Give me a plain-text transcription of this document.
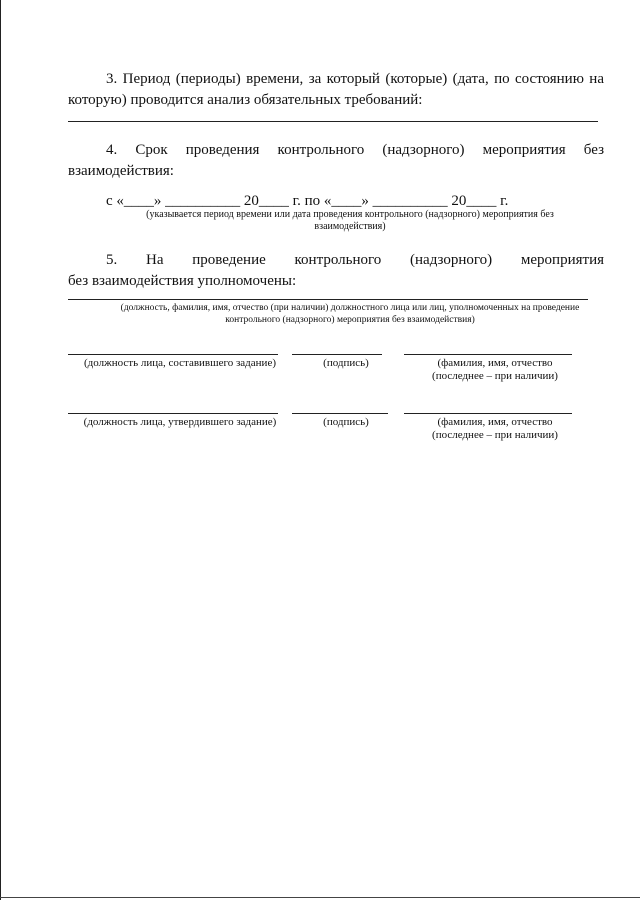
3. Период (периоды) времени, за который (которые) (дата, по состоянию на

которую) проводится анализ обязательных требований:

4. Срок проведения контрольного (надзорного) мероприятия без

взаимодействия:

с «____» __________ 20____ г. по «____» __________ 20____ г.

(указывается период времени или дата проведения контрольного (надзорного) мероприятия без

взаимодействия)

5. На проведение контрольного (надзорного) мероприятия

без взаимодействия уполномочены:

(должность, фамилия, имя, отчество (при наличии) должностного лица или лиц, уполномоченных на проведение

контрольного (надзорного) мероприятия без взаимодействия)

(должность лица, составившего задание)	(подпись)	(фамилия, имя, отчество

(последнее – при наличии)

(должность лица, утвердившего задание)	(подпись)	(фамилия, имя, отчество

(последнее – при наличии)
